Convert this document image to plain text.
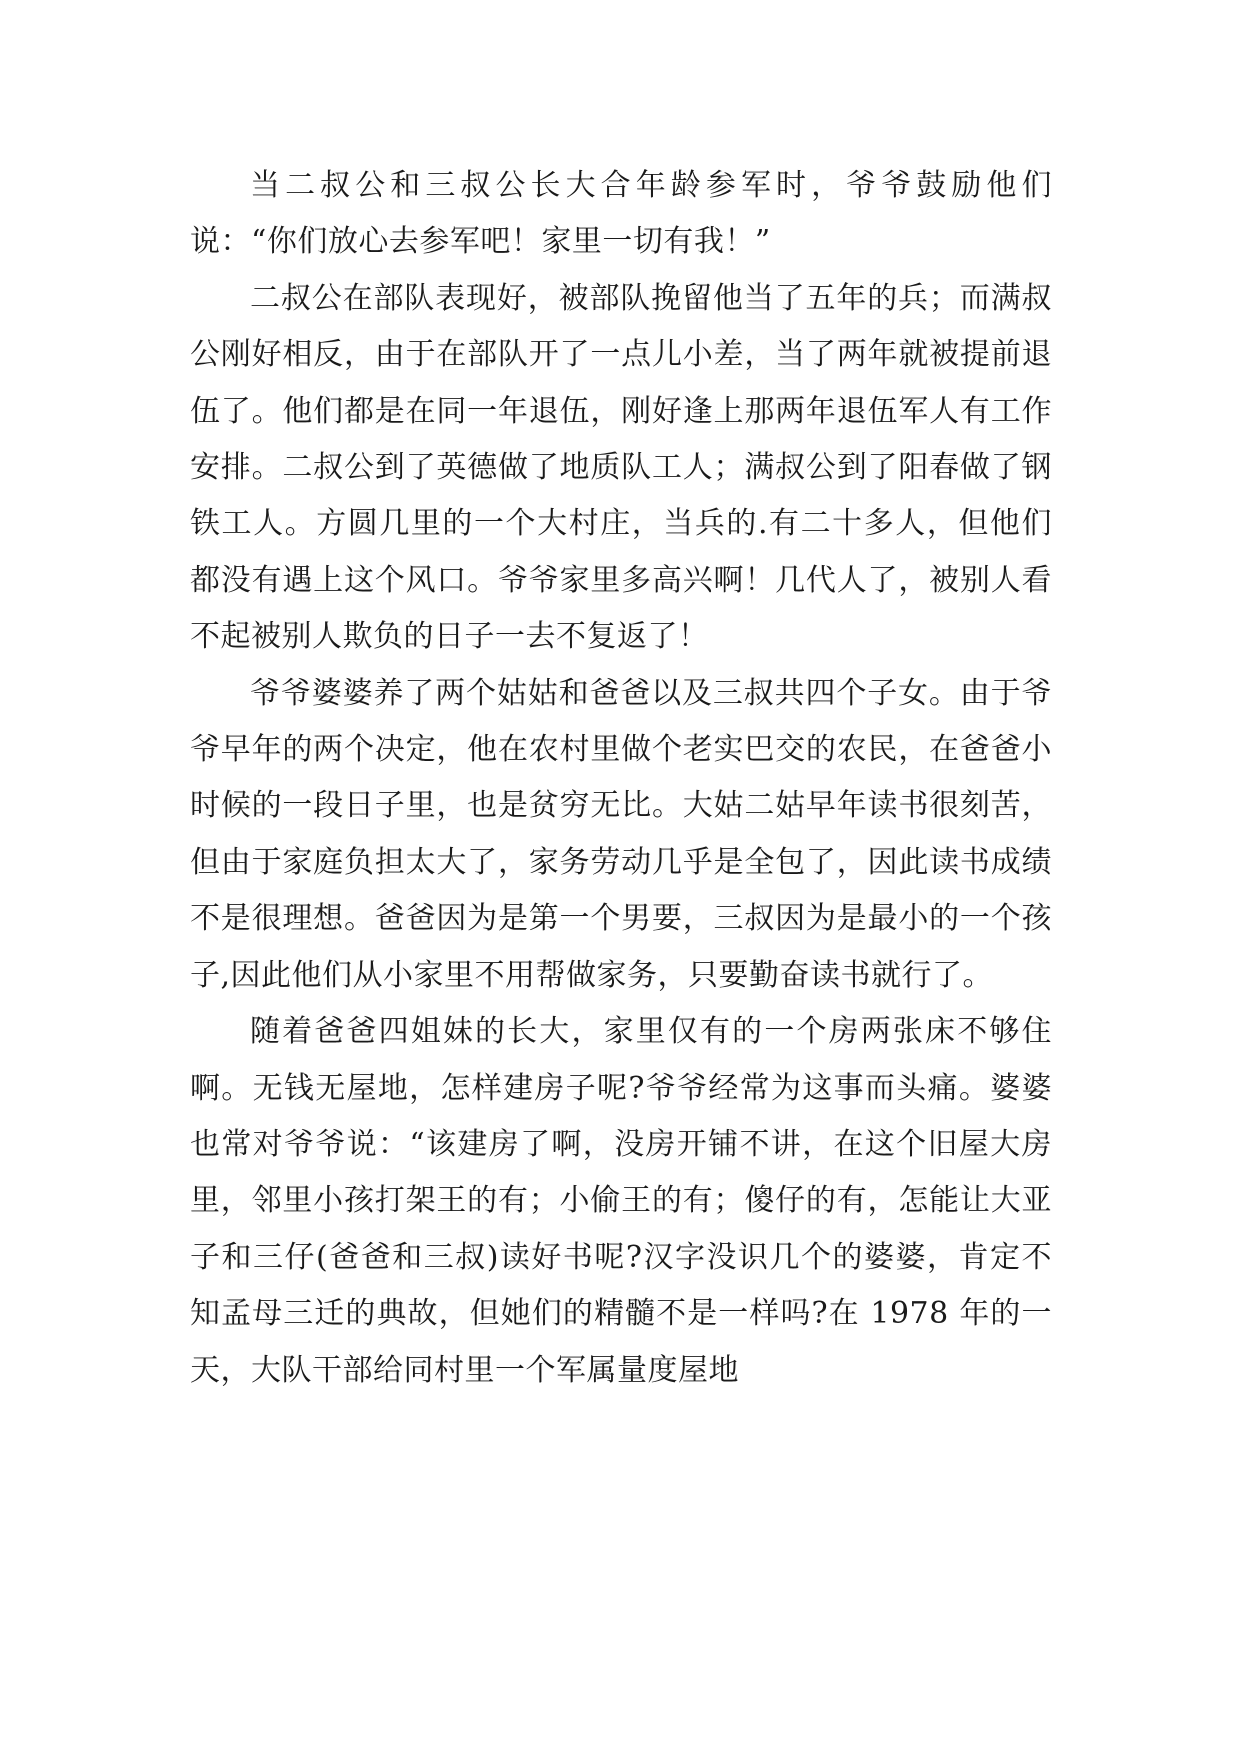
当二叔公和三叔公长大合年龄参军时，爷爷鼓励他们说：“你们放心去参军吧！家里一切有我！”

二叔公在部队表现好，被部队挽留他当了五年的兵；而满叔公刚好相反，由于在部队开了一点儿小差，当了两年就被提前退伍了。他们都是在同一年退伍，刚好逢上那两年退伍军人有工作安排。二叔公到了英德做了地质队工人；满叔公到了阳春做了钢铁工人。方圆几里的一个大村庄，当兵的.有二十多人，但他们都没有遇上这个风口。爷爷家里多高兴啊！几代人了，被别人看不起被别人欺负的日子一去不复返了！

爷爷婆婆养了两个姑姑和爸爸以及三叔共四个子女。由于爷爷早年的两个决定，他在农村里做个老实巴交的农民，在爸爸小时候的一段日子里，也是贫穷无比。大姑二姑早年读书很刻苦，但由于家庭负担太大了，家务劳动几乎是全包了，因此读书成绩不是很理想。爸爸因为是第一个男要，三叔因为是最小的一个孩子,因此他们从小家里不用帮做家务，只要勤奋读书就行了。

随着爸爸四姐妹的长大，家里仅有的一个房两张床不够住啊。无钱无屋地，怎样建房子呢?爷爷经常为这事而头痛。婆婆也常对爷爷说：“该建房了啊，没房开铺不讲，在这个旧屋大房里，邻里小孩打架王的有；小偷王的有；傻仔的有，怎能让大亚子和三仔(爸爸和三叔)读好书呢?汉字没识几个的婆婆，肯定不知孟母三迁的典故，但她们的精髓不是一样吗?在 1978 年的一天，大队干部给同村里一个军属量度屋地
